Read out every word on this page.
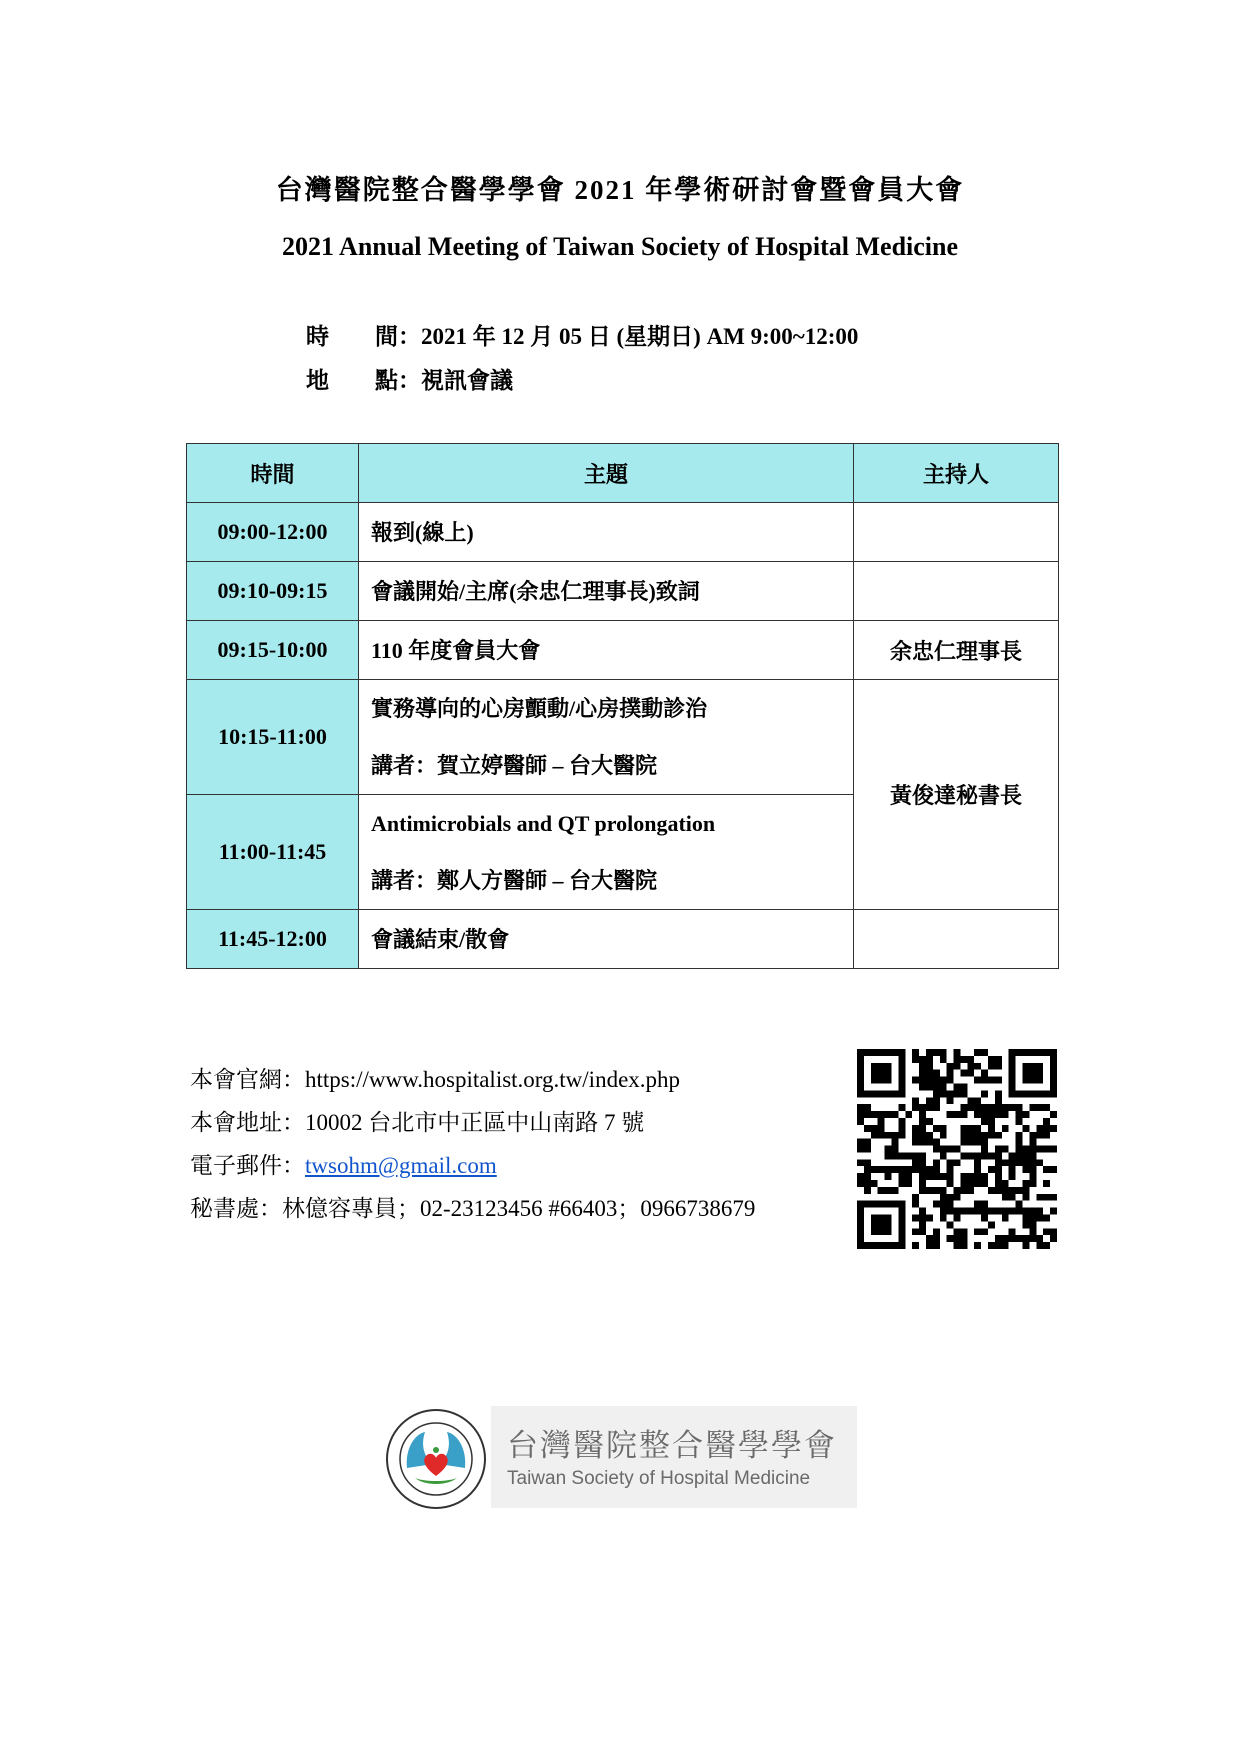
台灣醫院整合醫學學會 2021 年學術研討會暨會員大會
2021 Annual Meeting of Taiwan Society of Hospital Medicine
時　　間：2021 年 12 月 05 日 (星期日) AM 9:00~12:00
地　　點：視訊會議
時間	主題	主持人
09:00-12:00	報到(線上)	

09:10-09:15	會議開始/主席(余忠仁理事長)致詞	

09:15-10:00	110 年度會員大會	余忠仁理事長
10:15-11:00	實務導向的心房顫動/心房撲動診治
講者：賀立婷醫師 – 台大醫院	黃俊達秘書長
11:00-11:45	Antimicrobials and QT prolongation
講者：鄭人方醫師 – 台大醫院	

11:45-12:00	會議結束/散會	

本會官網：https://www.hospitalist.org.tw/index.php
本會地址：10002 台北市中正區中山南路 7 號
電子郵件：twsohm@gmail.com
秘書處：林億容專員；02-23123456 #66403；0966738679
台灣醫院整合醫學學會
Taiwan Society of Hospital Medicine
